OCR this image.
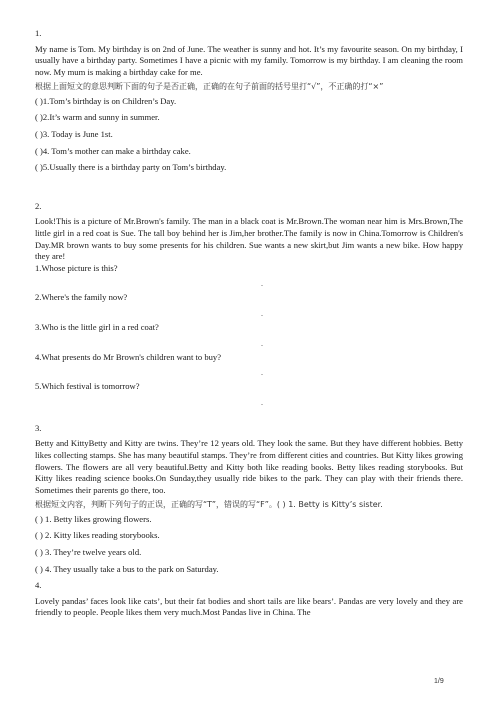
1.

My name is Tom. My birthday is on 2nd of June. The weather is sunny and hot. It’s my favourite season. On my birthday, I usually have a birthday party. Sometimes I have a picnic with my family. Tomorrow is my birthday. I am cleaning the room now. My mum is making a birthday cake for me.

根据上面短文的意思判断下面的句子是否正确，正确的在句子前面的括号里打“√”，不正确的打“×”

( )1.Tom’s birthday is on Children’s Day.

( )2.It’s warm and sunny in summer.

( )3. Today is June 1st.

( )4. Tom’s mother can make a birthday cake.

( )5.Usually there is a birthday party on Tom’s birthday.

2.

Look!This is a picture of Mr.Brown's family. The man in a black coat is Mr.Brown.The woman near him is Mrs.Brown,The little girl in a red coat is Sue. The tall boy behind her is Jim,her brother.The family is now in China.Tomorrow is Children's Day.MR brown wants to buy some presents for his children. Sue wants a new skirt,but Jim wants a new bike. How happy they are!

1.Whose picture is this?

.

2.Where's the family now?

.

3.Who is the little girl in a red coat?

.

4.What presents do Mr Brown's children want to buy?

.

5.Which festival is tomorrow?

.

3.

Betty and KittyBetty and Kitty are twins. They’re 12 years old. They look the same. But they have different hobbies. Betty likes collecting stamps. She has many beautiful stamps. They’re from different cities and countries. But Kitty likes growing flowers. The flowers are all very beautiful.Betty and Kitty both like reading books. Betty likes reading storybooks. But Kitty likes reading science books.On Sunday,they usually ride bikes to the park. They can play with their friends there. Sometimes their parents go there, too.

根据短文内容，判断下列句子的正误，正确的写“T”，错误的写“F”。( ) 1. Betty is Kitty’s sister.

( ) 1. Betty likes growing flowers.

( ) 2. Kitty likes reading storybooks.

( ) 3. They’re twelve years old.

( ) 4. They usually take a bus to the park on Saturday.

4.

Lovely pandas’ faces look like cats’, but their fat bodies and short tails are like bears’. Pandas are very lovely and they are friendly to people. People likes them very much.Most Pandas live in China. The

1/9
